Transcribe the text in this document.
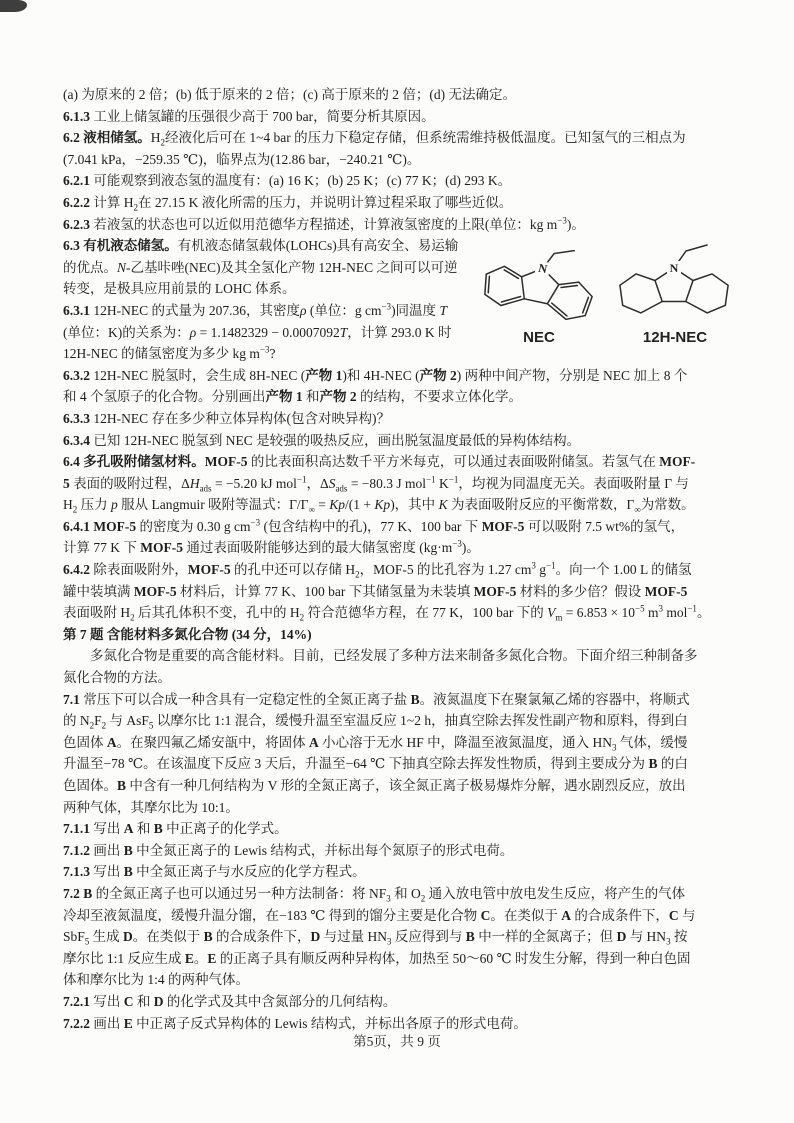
(a) 为原来的 2 倍；(b) 低于原来的 2 倍；(c) 高于原来的 2 倍；(d) 无法确定。

6.1.3 工业上储氢罐的压强很少高于 700 bar，简要分析其原因。

6.2 液相储氢。$H_2$经液化后可在 1~4 bar 的压力下稳定存储，但系统需维持极低温度。已知氢气的三相点为

(7.041 kPa，−259.35 ℃)，临界点为(12.86 bar，−240.21 ℃)。

6.2.1 可能观察到液态氢的温度有：(a) 16 K；(b) 25 K；(c) 77 K；(d) 293 K。

6.2.2 计算 $H_2$在 27.15 K 液化所需的压力，并说明计算过程采取了哪些近似。

6.2.3 若液氢的状态也可以近似用范德华方程描述，计算液氢密度的上限(单位：kg $m^{-3}$)。

6.3 有机液态储氢。有机液态储氢载体(LOHCs)具有高安全、易运输

的优点。N-乙基咔唑(NEC)及其全氢化产物 12H-NEC 之间可以可逆

转变，是极具应用前景的 LOHC 体系。

6.3.1 12H-NEC 的式量为 207.36，其密度ρ (单位：g $cm^{-3}$)同温度 T

(单位：K)的关系为：ρ = 1.1482329 − 0.0007092T，计算 293.0 K 时

12H-NEC 的储氢密度为多少 kg $m^{-3}$?

6.3.2 12H-NEC 脱氢时，会生成 8H-NEC (产物 1)和 4H-NEC (产物 2) 两种中间产物，分别是 NEC 加上 8 个

和 4 个氢原子的化合物。分别画出产物 1 和产物 2 的结构，不要求立体化学。

6.3.3 12H-NEC 存在多少种立体异构体(包含对映异构)？

6.3.4 已知 12H-NEC 脱氢到 NEC 是较强的吸热反应，画出脱氢温度最低的异构体结构。

6.4 多孔吸附储氢材料。MOF-5 的比表面积高达数千平方米每克，可以通过表面吸附储氢。若氢气在 MOF-

5 表面的吸附过程，$\Delta H_{ads} = -5.20$ kJ mol$^{-1}$，$\Delta S_{ads} = -80.3$ J mol$^{-1}$ $K^{-1}$，均视为同温度无关。表面吸附量 Γ 与

$H_2$ 压力 p 服从 Langmuir 吸附等温式：$\Gamma/\Gamma_\infty = Kp/(1 + Kp)$，其中 K 为表面吸附反应的平衡常数，$\Gamma_\infty$为常数。

6.4.1 MOF-5 的密度为 0.30 g $cm^{-3}$ (包含结构中的孔)，77 K、100 bar 下 MOF-5 可以吸附 7.5 wt%的氢气，

计算 77 K 下 MOF-5 通过表面吸附能够达到的最大储氢密度 $(kg\cdot m^{-3})$。

6.4.2 除表面吸附外，MOF-5 的孔中还可以存储 $H_2$，MOF-5 的比孔容为 1.27 $cm^3$ $g^{-1}$。向一个 1.00 L 的储氢

罐中装填满 MOF-5 材料后，计算 77 K、100 bar 下其储氢量为未装填 MOF-5 材料的多少倍？假设 MOF-5

表面吸附 $H_2$ 后其孔体积不变，孔中的 $H_2$ 符合范德华方程，在 77 K，100 bar 下的 $V_m = 6.853 \times 10^{-5}$ $m^3$ mol$^{-1}$。

第 7 题 含能材料多氮化合物 (34 分，14%)

多氮化合物是重要的高含能材料。目前，已经发展了多种方法来制备多氮化合物。下面介绍三种制备多

氮化合物的方法。

7.1 常压下可以合成一种含具有一定稳定性的全氮正离子盐 B。液氮温度下在聚氯氟乙烯的容器中，将顺式

的 $N_2F_2$ 与 AsF$_5$ 以摩尔比 1:1 混合，缓慢升温至室温反应 1~2 h，抽真空除去挥发性副产物和原料，得到白

色固体 A。在聚四氟乙烯安瓿中，将固体 A 小心溶于无水 HF 中，降温至液氮温度，通入 $HN_3$ 气体，缓慢

升温至−78 ℃。在该温度下反应 3 天后，升温至−64 ℃ 下抽真空除去挥发性物质，得到主要成分为 B 的白

色固体。B 中含有一种几何结构为 V 形的全氮正离子，该全氮正离子极易爆炸分解，遇水剧烈反应，放出

两种气体，其摩尔比为 10:1。

7.1.1 写出 A 和 B 中正离子的化学式。

7.1.2 画出 B 中全氮正离子的 Lewis 结构式，并标出每个氮原子的形式电荷。

7.1.3 写出 B 中全氮正离子与水反应的化学方程式。

7.2 B 的全氮正离子也可以通过另一种方法制备：将 $NF_3$ 和 $O_2$ 通入放电管中放电发生反应，将产生的气体

冷却至液氮温度，缓慢升温分馏，在−183 ℃ 得到的馏分主要是化合物 C。在类似于 A 的合成条件下，C 与

SbF$_5$ 生成 D。在类似于 B 的合成条件下，D 与过量 $HN_3$ 反应得到与 B 中一样的全氮离子；但 D 与 $HN_3$ 按

摩尔比 1:1 反应生成 E。E 的正离子具有顺反两种异构体，加热至 50～60 ℃ 时发生分解，得到一种白色固

体和摩尔比为 1:4 的两种气体。

7.2.1 写出 C 和 D 的化学式及其中含氮部分的几何结构。

7.2.2 画出 E 中正离子反式异构体的 Lewis 结构式，并标出各原子的形式电荷。

N
NEC
N
12H-NEC
第5页，共 9 页
